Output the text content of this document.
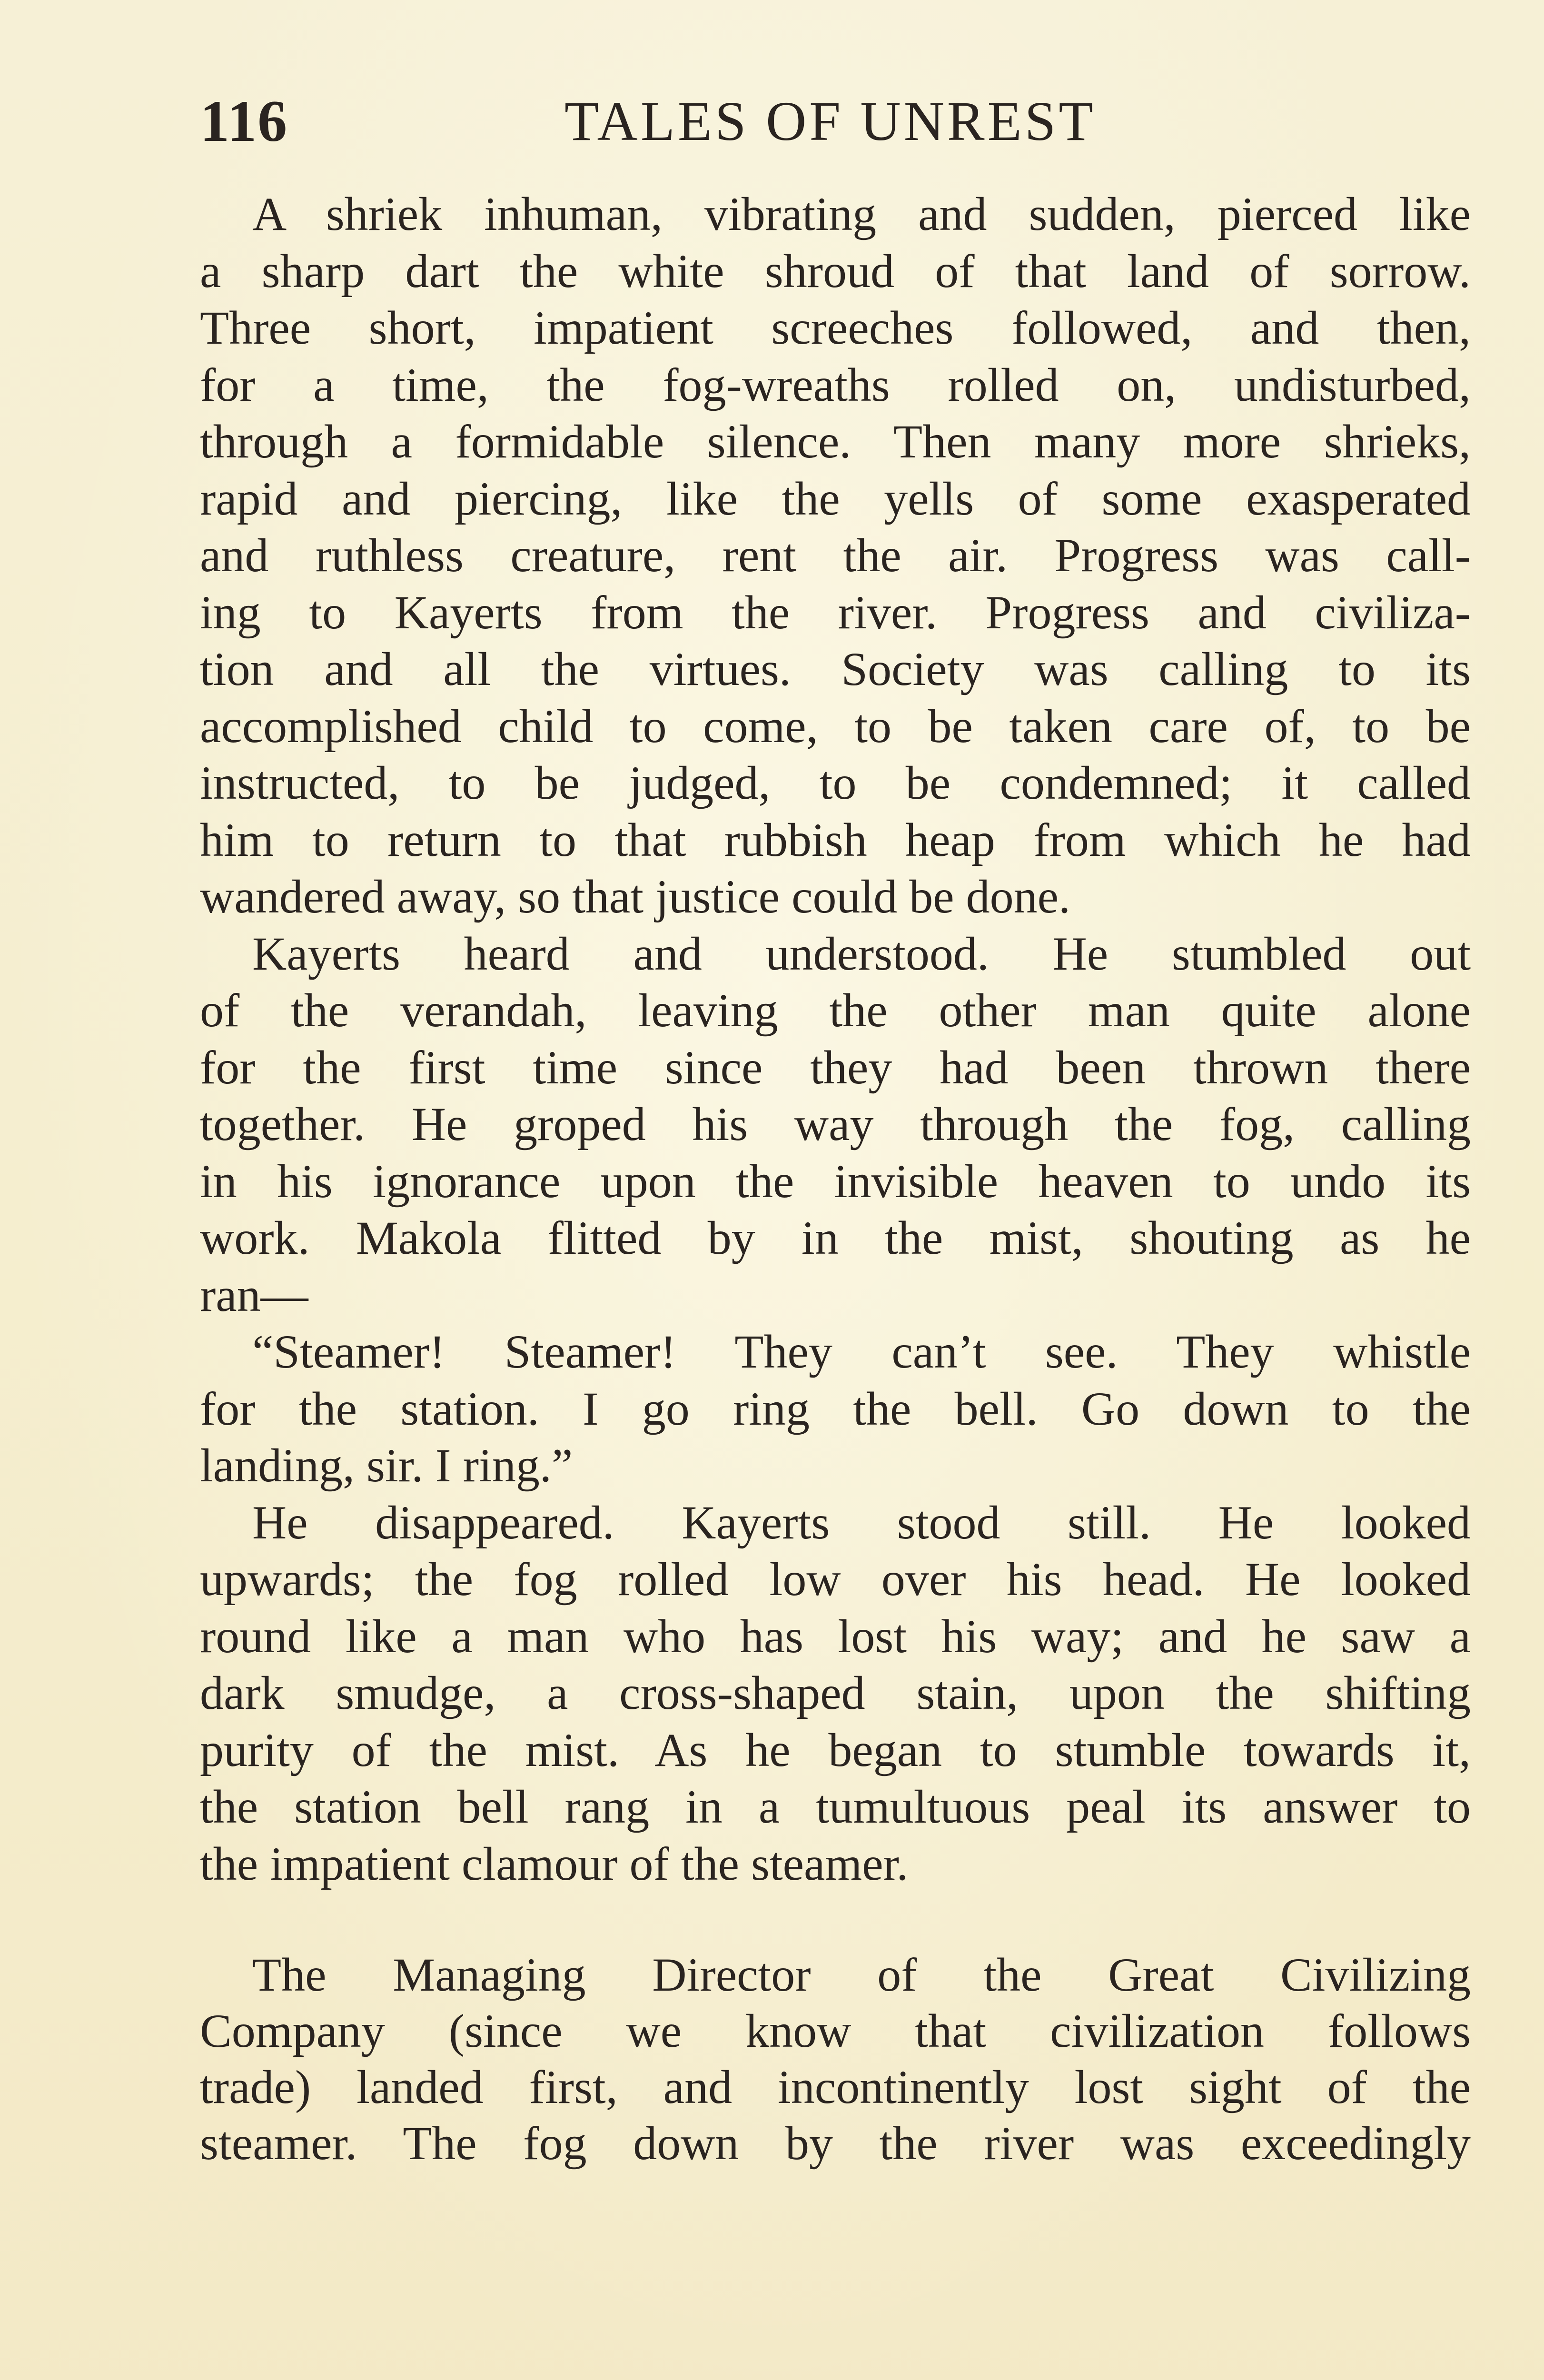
116	TALES OF UNREST
A shriek inhuman, vibrating and sudden, pierced like
a sharp dart the white shroud of that land of sorrow.
Three short, impatient screeches followed, and then,
for a time, the fog-wreaths rolled on, undisturbed,
through a formidable silence. Then many more shrieks,
rapid and piercing, like the yells of some exasperated
and ruthless creature, rent the air. Progress was call-
ing to Kayerts from the river. Progress and civiliza-
tion and all the virtues. Society was calling to its
accomplished child to come, to be taken care of, to be
instructed, to be judged, to be condemned; it called
him to return to that rubbish heap from which he had
wandered away, so that justice could be done.
Kayerts heard and understood. He stumbled out
of the verandah, leaving the other man quite alone
for the first time since they had been thrown there
together. He groped his way through the fog, calling
in his ignorance upon the invisible heaven to undo its
work. Makola flitted by in the mist, shouting as he
ran—
“Steamer! Steamer! They can’t see. They whistle
for the station. I go ring the bell. Go down to the
landing, sir. I ring.”
He disappeared. Kayerts stood still. He looked
upwards; the fog rolled low over his head. He looked
round like a man who has lost his way; and he saw a
dark smudge, a cross-shaped stain, upon the shifting
purity of the mist. As he began to stumble towards it,
the station bell rang in a tumultuous peal its answer to
the impatient clamour of the steamer.
The Managing Director of the Great Civilizing
Company (since we know that civilization follows
trade) landed first, and incontinently lost sight of the
steamer. The fog down by the river was exceedingly
